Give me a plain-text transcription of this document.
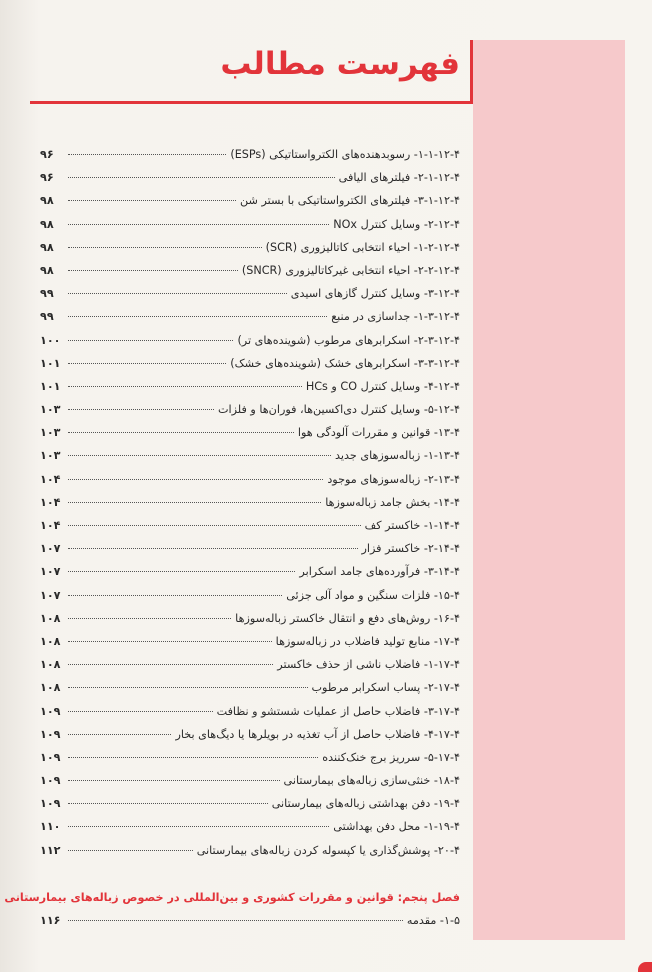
فهرست مطالب
۱-۱-۱۲-۴- رسوبدهنده‌های الکترواستاتیکی (ESPs)
۹۶
۲-۱-۱۲-۴- فیلترهای الیافی
۹۶
۳-۱-۱۲-۴- فیلترهای الکترواستاتیکی با بستر شن
۹۸
۲-۱۲-۴- وسایل کنترل NOx
۹۸
۱-۲-۱۲-۴- احیاء انتخابی کاتالیزوری (SCR)
۹۸
۲-۲-۱۲-۴- احیاء انتخابی غیرکاتالیزوری (SNCR)
۹۸
۳-۱۲-۴- وسایل کنترل گازهای اسیدی
۹۹
۱-۳-۱۲-۴- جداسازی در منبع
۹۹
۲-۳-۱۲-۴- اسکرابرهای مرطوب (شوینده‌های تر)
۱۰۰
۳-۳-۱۲-۴- اسکرابرهای خشک (شوینده‌های خشک)
۱۰۱
۴-۱۲-۴- وسایل کنترل CO و HCs
۱۰۱
۵-۱۲-۴- وسایل کنترل دی‌اکسین‌ها، فوران‌ها و فلزات
۱۰۳
۱۳-۴- قوانین و مقررات آلودگی هوا
۱۰۳
۱-۱۳-۴- زباله‌سوزهای جدید
۱۰۳
۲-۱۳-۴- زباله‌سوزهای موجود
۱۰۴
۱۴-۴- بخش جامد زباله‌سوزها
۱۰۴
۱-۱۴-۴- خاکستر کف
۱۰۴
۲-۱۴-۴- خاکستر فزار
۱۰۷
۳-۱۴-۴- فرآورده‌های جامد اسکرابر
۱۰۷
۱۵-۴- فلزات سنگین و مواد آلی جزئی
۱۰۷
۱۶-۴- روش‌های دفع و انتقال خاکستر زباله‌سوزها
۱۰۸
۱۷-۴- منابع تولید فاضلاب در زباله‌سوزها
۱۰۸
۱-۱۷-۴- فاضلاب ناشی از حذف خاکستر
۱۰۸
۲-۱۷-۴- پساب اسکرابر مرطوب
۱۰۸
۳-۱۷-۴- فاضلاب حاصل از عملیات شستشو و نظافت
۱۰۹
۴-۱۷-۴- فاضلاب حاصل از آب تغذیه در بویلرها یا دیگ‌های بخار
۱۰۹
۵-۱۷-۴- سرریز برج خنک‌کننده
۱۰۹
۱۸-۴- خنثی‌سازی زباله‌های بیمارستانی
۱۰۹
۱۹-۴- دفن بهداشتی زباله‌های بیمارستانی
۱۰۹
۱-۱۹-۴- محل دفن بهداشتی
۱۱۰
۲۰-۴- پوشش‌گذاری یا کپسوله کردن زباله‌های بیمارستانی
۱۱۲
فصل پنجم: قوانین و مقررات کشوری و بین‌المللی در خصوص زباله‌های بیمارستانی
۱-۵- مقدمه
۱۱۶
